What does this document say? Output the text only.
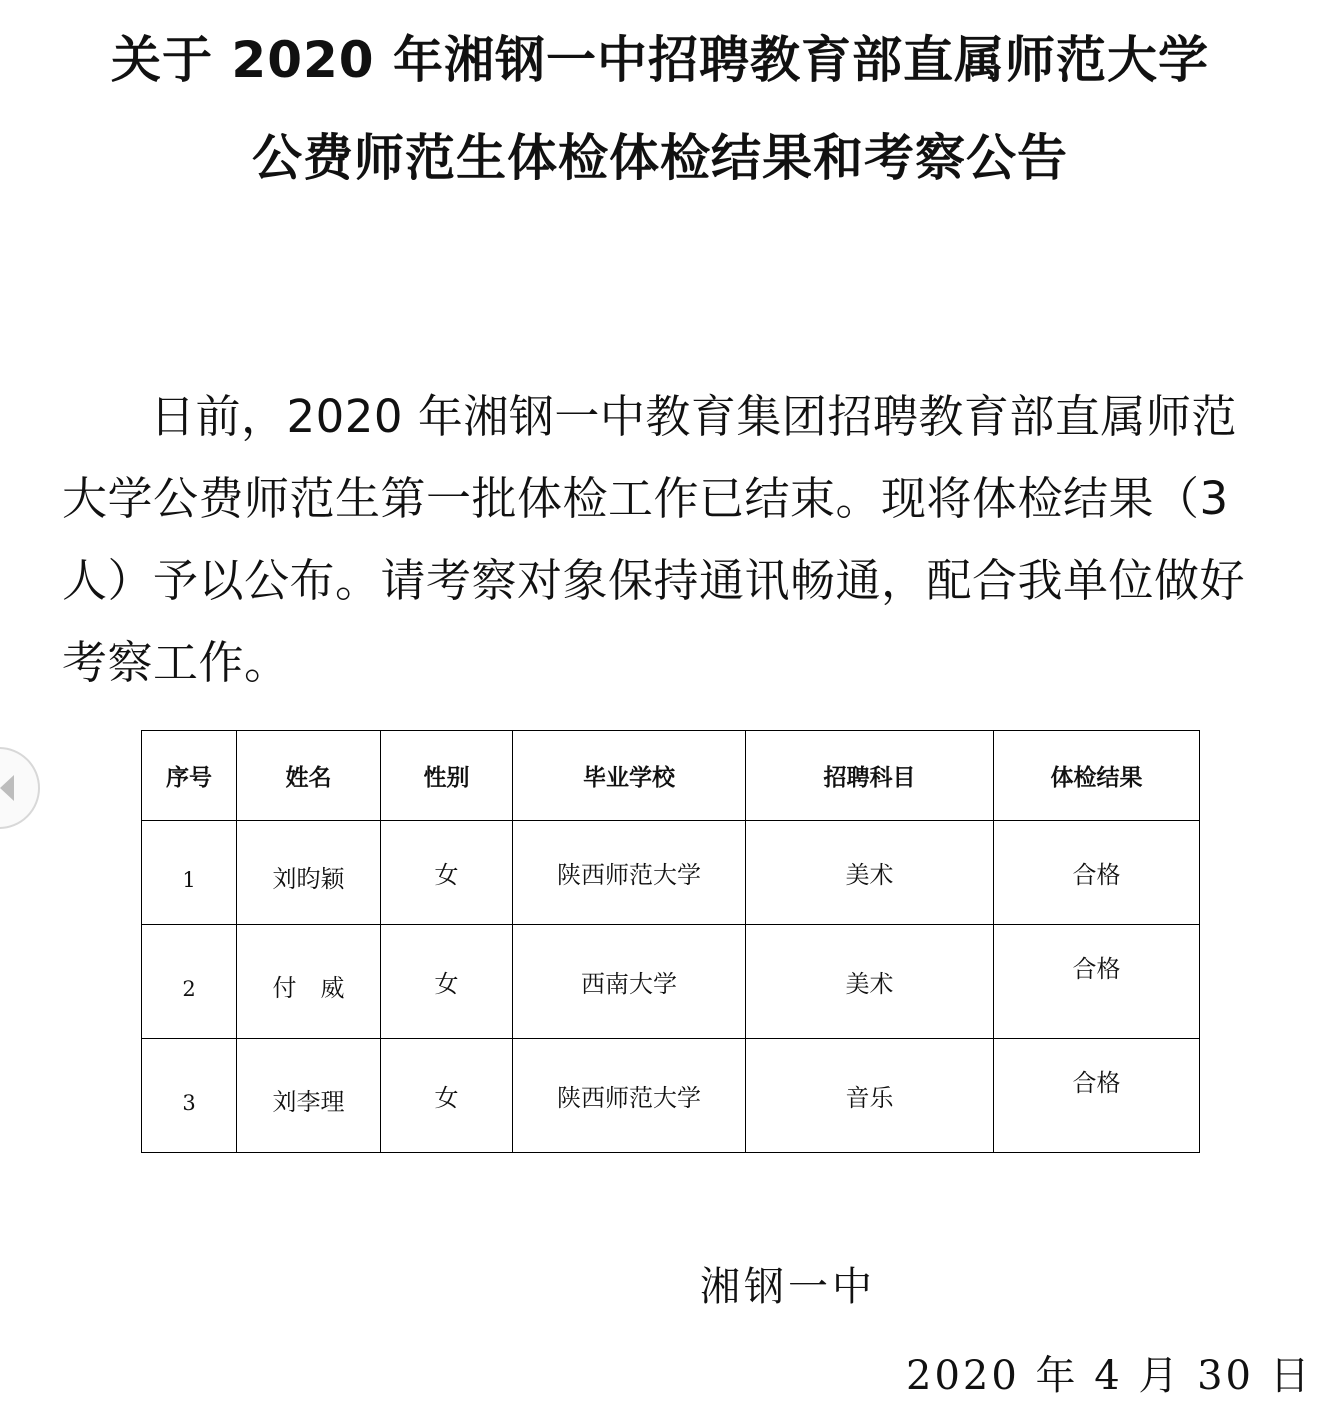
关于 2020 年湘钢一中招聘教育部直属师范大学
公费师范生体检体检结果和考察公告

日前，2020 年湘钢一中教育集团招聘教育部直属师范大学公费师范生第一批体检工作已结束。现将体检结果（3 人）予以公布。请考察对象保持通讯畅通，配合我单位做好考察工作。

序号	姓名	性别	毕业学校	招聘科目	体检结果
1	刘昀颖	女	陕西师范大学	美术	合格
2	付　威	女	西南大学	美术	合格
3	刘李理	女	陕西师范大学	音乐	合格
湘钢一中
2020 年 4 月 30 日
